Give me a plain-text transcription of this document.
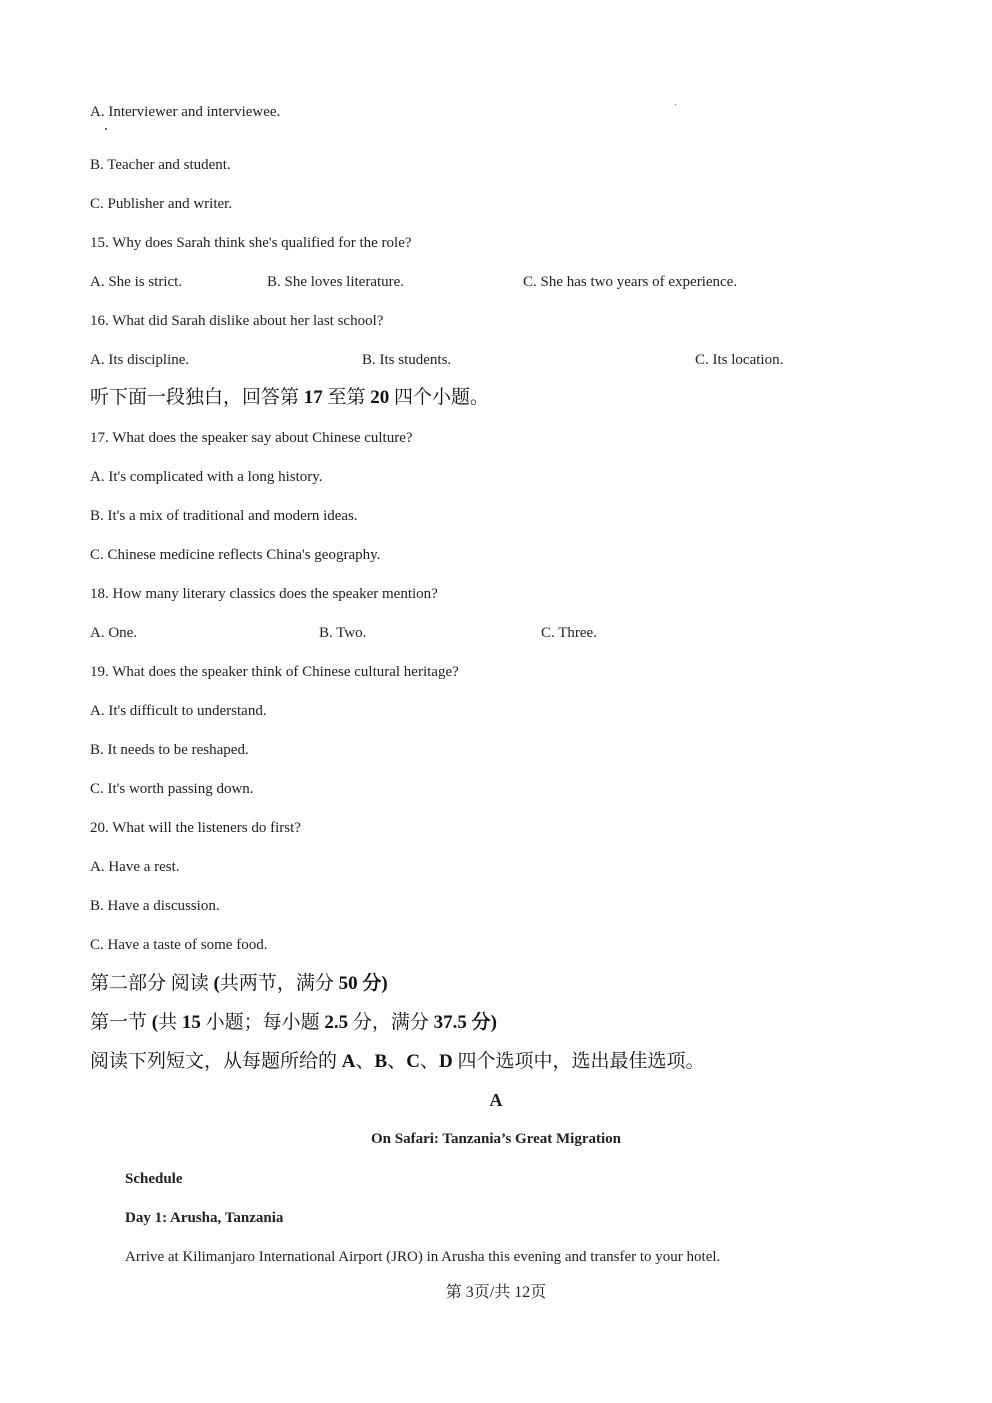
A. Interviewer and interviewee.
B. Teacher and student.
C. Publisher and writer.
15. Why does Sarah think she's qualified for the role?
A. She is strict.	B. She loves literature.	C. She has two years of experience.
16. What did Sarah dislike about her last school?
A. Its discipline.	B. Its students.	C. Its location.
听下面一段独白，回答第 17 至第 20 四个小题。
17. What does the speaker say about Chinese culture?
A. It's complicated with a long history.
B. It's a mix of traditional and modern ideas.
C. Chinese medicine reflects China's geography.
18. How many literary classics does the speaker mention?
A. One.	B. Two.	C. Three.
19. What does the speaker think of Chinese cultural heritage?
A. It's difficult to understand.
B. It needs to be reshaped.
C. It's worth passing down.
20. What will the listeners do first?
A. Have a rest.
B. Have a discussion.
C. Have a taste of some food.
第二部分 阅读 (共两节，满分 50 分)
第一节 (共 15 小题；每小题 2.5 分，满分 37.5 分)
阅读下列短文，从每题所给的 A、B、C、D 四个选项中，选出最佳选项。
A
On Safari: Tanzania’s Great Migration
Schedule
Day 1: Arusha, Tanzania
Arrive at Kilimanjaro International Airport (JRO) in Arusha this evening and transfer to your hotel.
第 3页/共 12页
